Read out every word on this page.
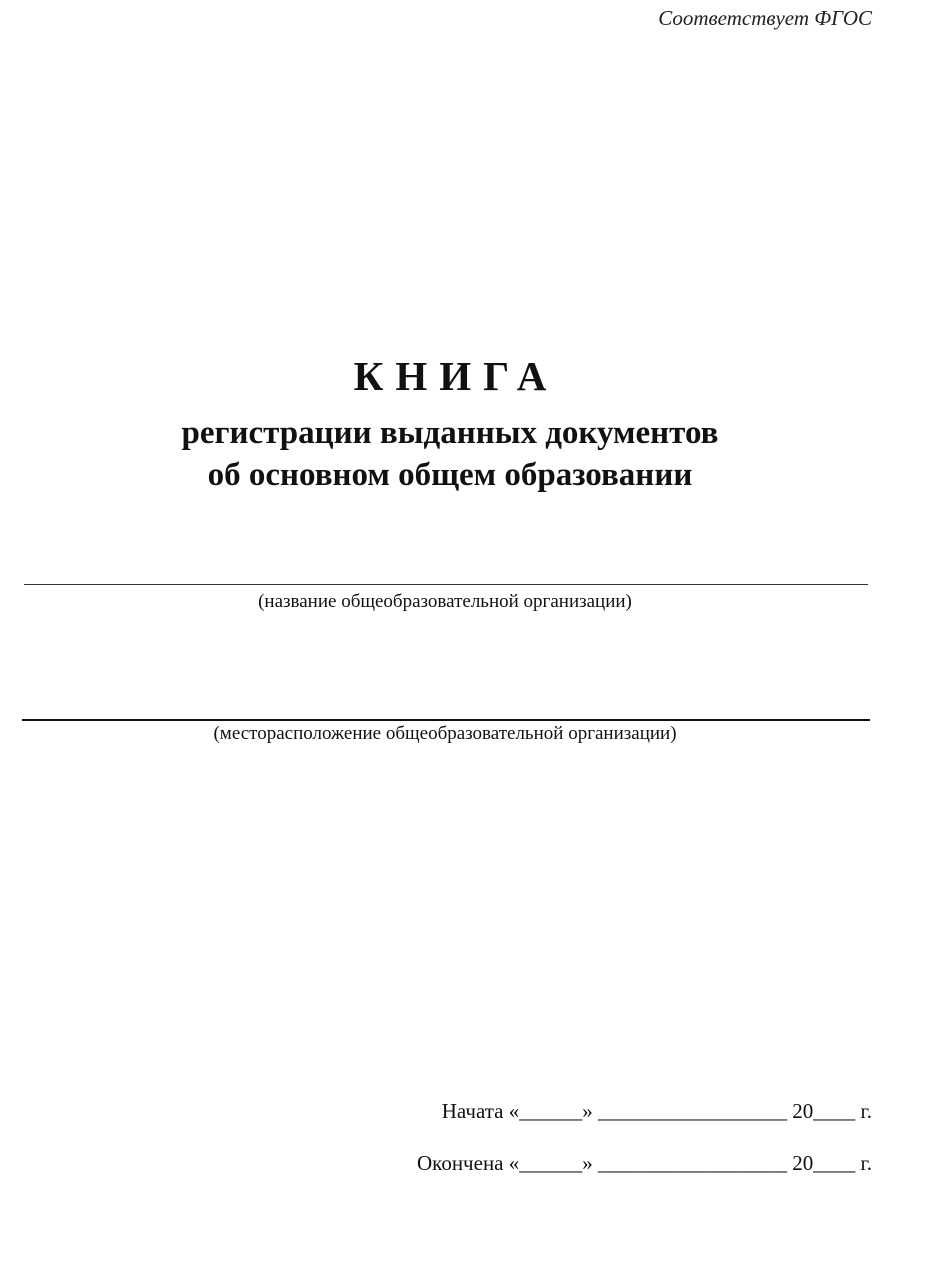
Соответствует ФГОС
КНИГА

регистрации выданных документов

об основном общем образовании

(название общеобразовательной организации)
(месторасположение общеобразовательной организации)
Начата «______» __________________ 20____ г.
Окончена «______» __________________ 20____ г.
